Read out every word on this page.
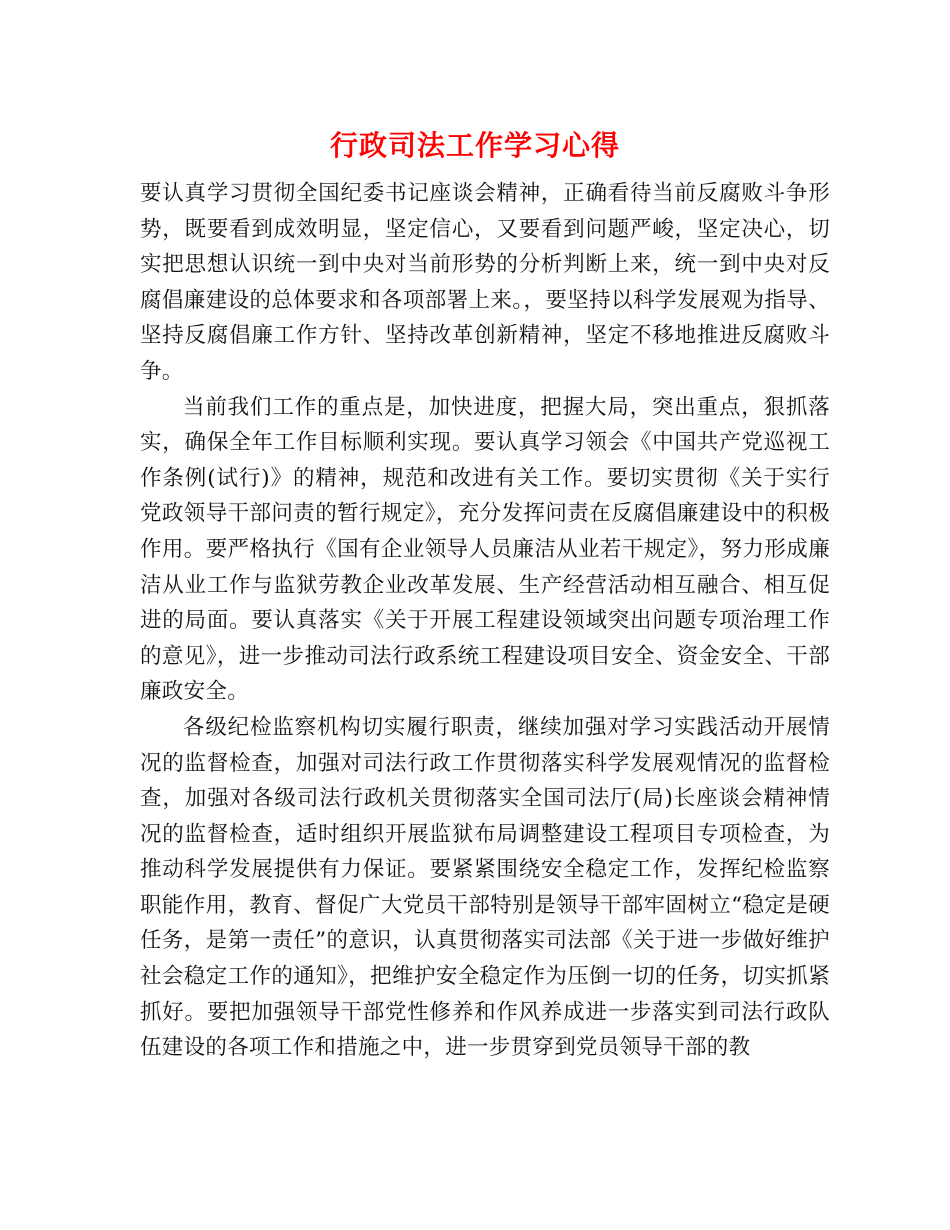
行政司法工作学习心得

要认真学习贯彻全国纪委书记座谈会精神，正确看待当前反腐败斗争形势，既要看到成效明显，坚定信心，又要看到问题严峻，坚定决心，切实把思想认识统一到中央对当前形势的分析判断上来，统一到中央对反腐倡廉建设的总体要求和各项部署上来。，要坚持以科学发展观为指导、坚持反腐倡廉工作方针、坚持改革创新精神，坚定不移地推进反腐败斗争。

当前我们工作的重点是，加快进度，把握大局，突出重点，狠抓落实，确保全年工作目标顺利实现。要认真学习领会《中国共产党巡视工作条例(试行)》的精神，规范和改进有关工作。要切实贯彻《关于实行党政领导干部问责的暂行规定》，充分发挥问责在反腐倡廉建设中的积极作用。要严格执行《国有企业领导人员廉洁从业若干规定》，努力形成廉洁从业工作与监狱劳教企业改革发展、生产经营活动相互融合、相互促进的局面。要认真落实《关于开展工程建设领域突出问题专项治理工作的意见》，进一步推动司法行政系统工程建设项目安全、资金安全、干部廉政安全。

各级纪检监察机构切实履行职责，继续加强对学习实践活动开展情况的监督检查，加强对司法行政工作贯彻落实科学发展观情况的监督检查，加强对各级司法行政机关贯彻落实全国司法厅(局)长座谈会精神情况的监督检查，适时组织开展监狱布局调整建设工程项目专项检查，为推动科学发展提供有力保证。要紧紧围绕安全稳定工作，发挥纪检监察职能作用，教育、督促广大党员干部特别是领导干部牢固树立“稳定是硬任务，是第一责任”的意识，认真贯彻落实司法部《关于进一步做好维护社会稳定工作的通知》，把维护安全稳定作为压倒一切的任务，切实抓紧抓好。要把加强领导干部党性修养和作风养成进一步落实到司法行政队伍建设的各项工作和措施之中，进一步贯穿到党员领导干部的教
